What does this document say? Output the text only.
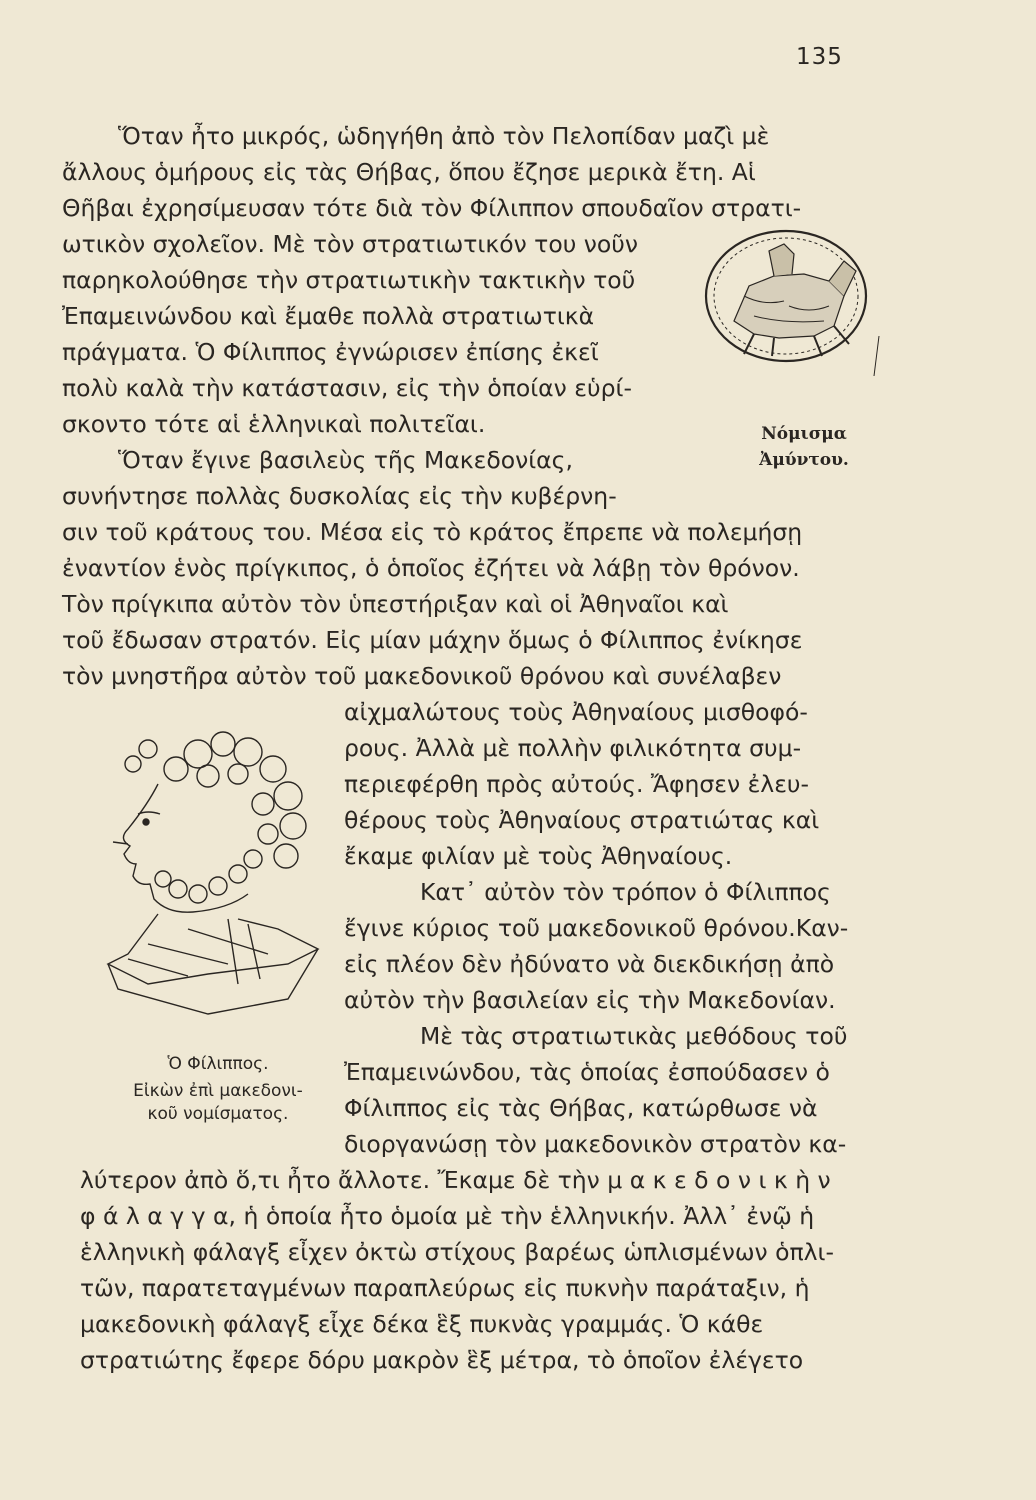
135
Νόμισμα
Ἀμύντου.
Ὁ Φίλιππος.
Εἰκὼν ἐπὶ μακεδονι-
κοῦ νομίσματος.
Ὅταν ἦτο μικρός, ὡδηγήθη ἀπὸ τὸν Πελοπίδαν μαζὶ μὲ
ἄλλους ὁμήρους εἰς τὰς Θήβας, ὅπου ἔζησε μερικὰ ἔτη. Αἱ
Θῆβαι ἐχρησίμευσαν τότε διὰ τὸν Φίλιππον σπουδαῖον στρατι-
ωτικὸν σχολεῖον. Μὲ τὸν στρατιωτικόν του νοῦν
παρηκολούθησε τὴν στρατιωτικὴν τακτικὴν τοῦ
Ἐπαμεινώνδου καὶ ἔμαθε πολλὰ στρατιωτικὰ
πράγματα. Ὁ Φίλιππος ἐγνώρισεν ἐπίσης ἐκεῖ
πολὺ καλὰ τὴν κατάστασιν, εἰς τὴν ὁποίαν εὑρί-
σκοντο τότε αἱ ἑλληνικαὶ πολιτεῖαι.
Ὅταν ἔγινε βασιλεὺς τῆς Μακεδονίας,
συνήντησε πολλὰς δυσκολίας εἰς τὴν κυβέρνη-
σιν τοῦ κράτους του. Μέσα εἰς τὸ κράτος ἔπρεπε νὰ πολεμήσῃ
ἐναντίον ἑνὸς πρίγκιπος, ὁ ὁποῖος ἐζήτει νὰ λάβῃ τὸν θρόνον.
Τὸν πρίγκιπα αὐτὸν τὸν ὑπεστήριξαν καὶ οἱ Ἀθηναῖοι καὶ
τοῦ ἔδωσαν στρατόν. Εἰς μίαν μάχην ὅμως ὁ Φίλιππος ἐνίκησε
τὸν μνηστῆρα αὐτὸν τοῦ μακεδονικοῦ θρόνου καὶ συνέλαβεν
αἰχμαλώτους τοὺς Ἀθηναίους μισθοφό-
ρους. Ἀλλὰ μὲ πολλὴν φιλικότητα συμ-
περιεφέρθη πρὸς αὐτούς. Ἄφησεν ἐλευ-
θέρους τοὺς Ἀθηναίους στρατιώτας καὶ
ἔκαμε φιλίαν μὲ τοὺς Ἀθηναίους.
Κατ᾽ αὐτὸν τὸν τρόπον ὁ Φίλιππος
ἔγινε κύριος τοῦ μακεδονικοῦ θρόνου.Καν-
εἰς πλέον δὲν ἠδύνατο νὰ διεκδικήσῃ ἀπὸ
αὐτὸν τὴν βασιλείαν εἰς τὴν Μακεδονίαν.
Μὲ τὰς στρατιωτικὰς μεθόδους τοῦ
Ἐπαμεινώνδου, τὰς ὁποίας ἐσπούδασεν ὁ
Φίλιππος εἰς τὰς Θήβας, κατώρθωσε νὰ
διοργανώσῃ τὸν μακεδονικὸν στρατὸν κα-
λύτερον ἀπὸ ὅ,τι ἦτο ἄλλοτε. Ἔκαμε δὲ τὴν μ α κ ε δ ο ν ι κ ὴ ν
φ ά λ α γ γ α, ἡ ὁποία ἦτο ὁμοία μὲ τὴν ἑλληνικήν. Ἀλλ᾽ ἐνῷ ἡ
ἑλληνικὴ φάλαγξ εἶχεν ὀκτὼ στίχους βαρέως ὡπλισμένων ὁπλι-
τῶν, παρατεταγμένων παραπλεύρως εἰς πυκνὴν παράταξιν, ἡ
μακεδονικὴ φάλαγξ εἶχε δέκα ἓξ πυκνὰς γραμμάς. Ὁ κάθε
στρατιώτης ἔφερε δόρυ μακρὸν ἓξ μέτρα, τὸ ὁποῖον ἐλέγετο
